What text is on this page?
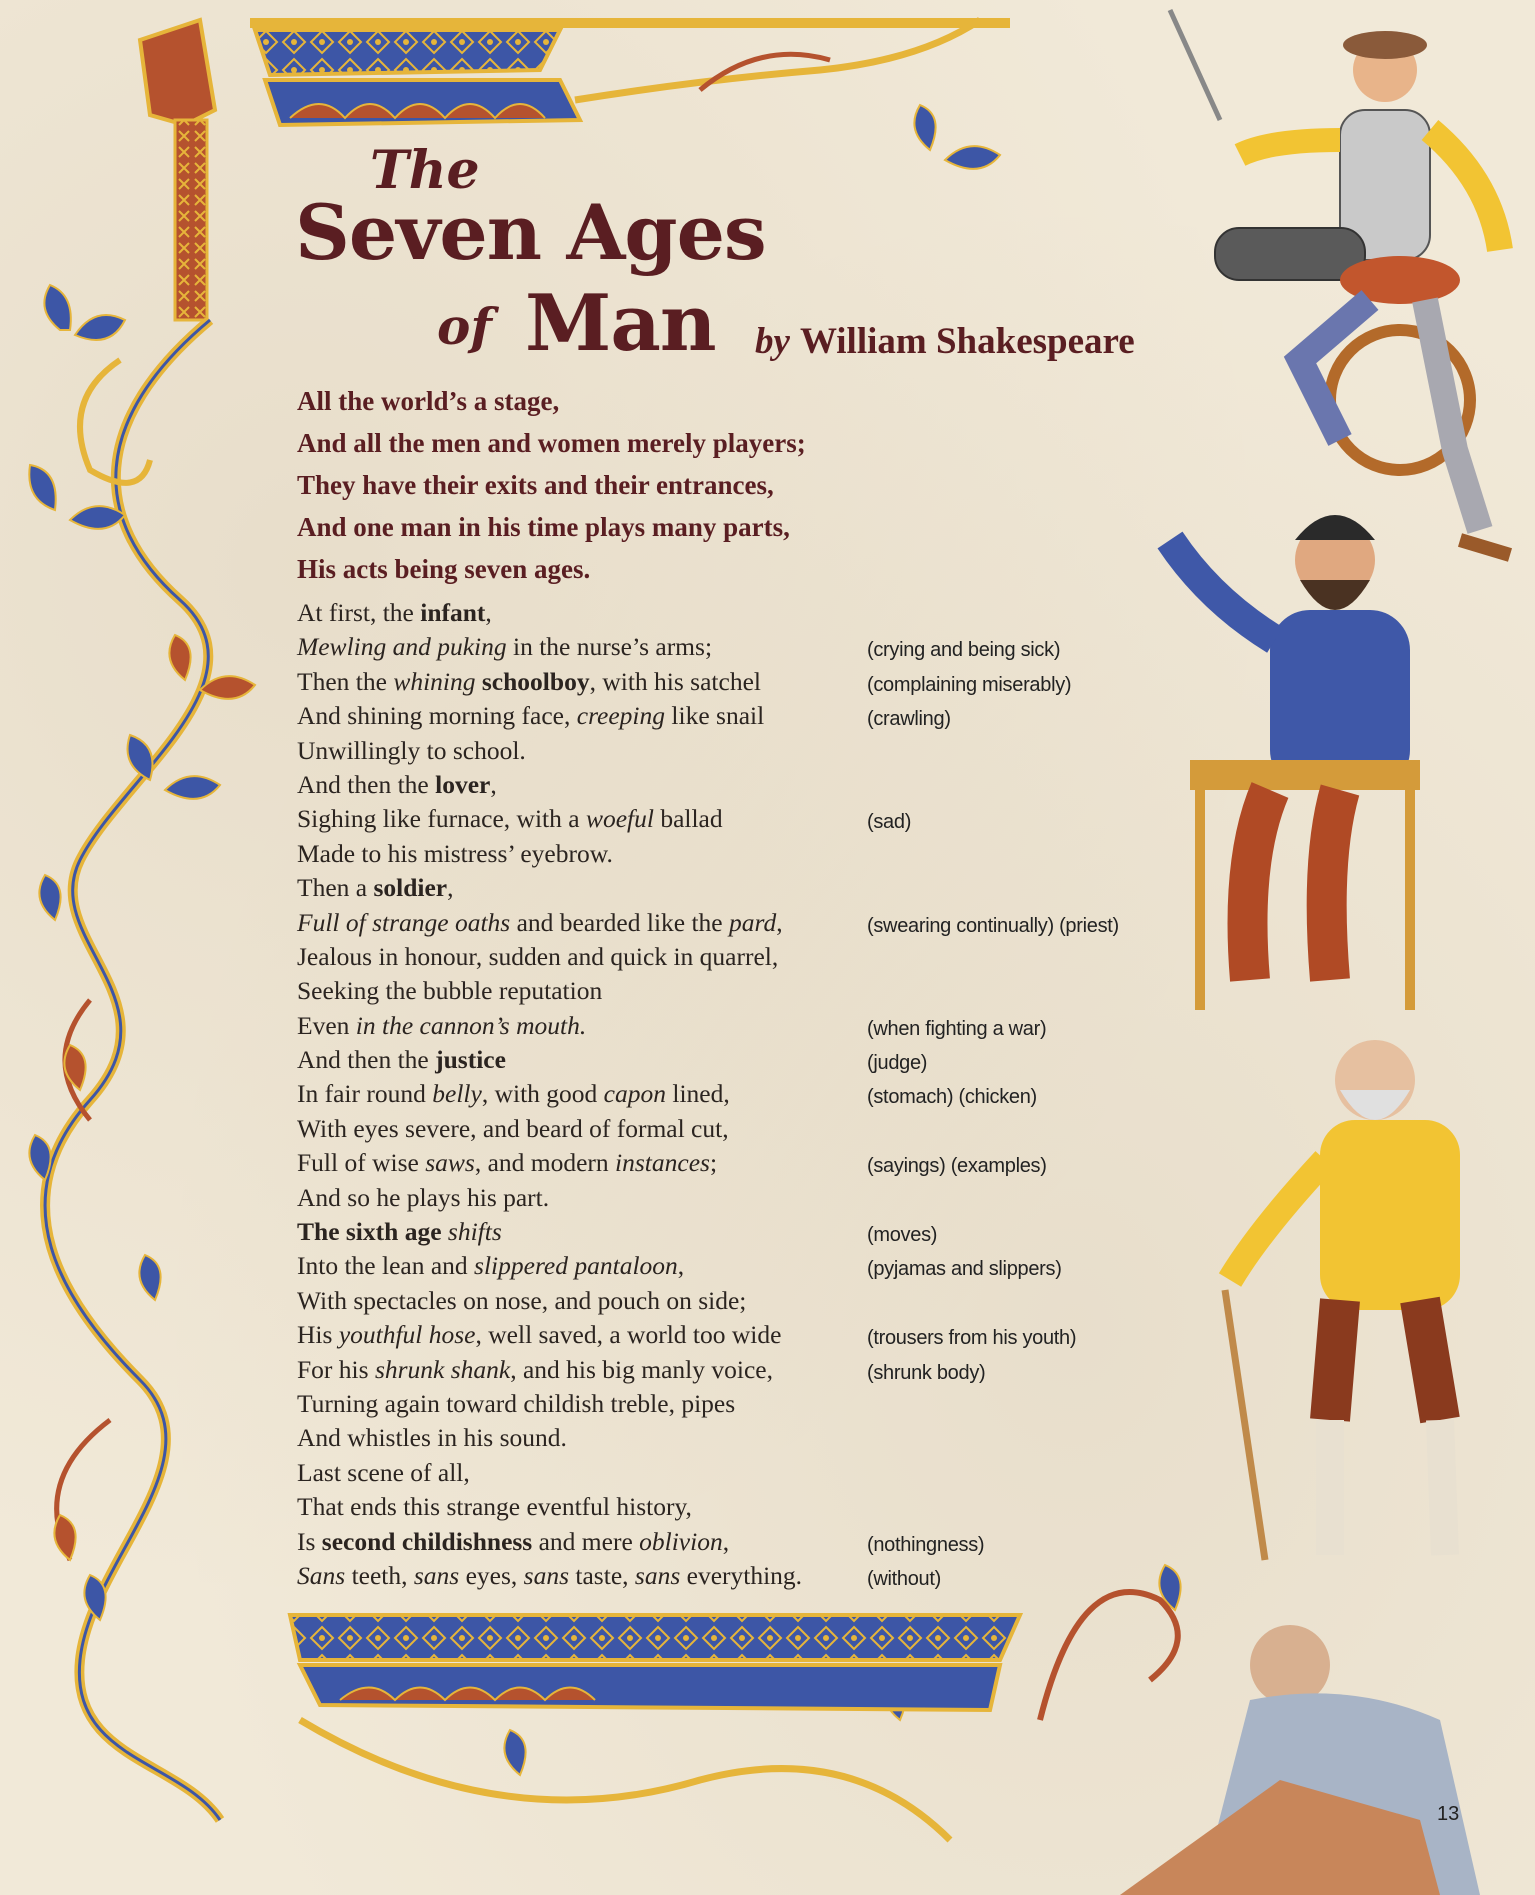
The
Seven Ages
of Man by William Shakespeare
All the world’s a stage,
And all the men and women merely players;
They have their exits and their entrances,
And one man in his time plays many parts,
His acts being seven ages.
At first, the infant,
Mewling and puking in the nurse’s arms;	(crying and being sick)
Then the whining schoolboy, with his satchel	(complaining miserably)
And shining morning face, creeping like snail	(crawling)
Unwillingly to school.
And then the lover,
Sighing like furnace, with a woeful ballad	(sad)
Made to his mistress’ eyebrow.
Then a soldier,
Full of strange oaths and bearded like the pard,	(swearing continually) (priest)
Jealous in honour, sudden and quick in quarrel,
Seeking the bubble reputation
Even in the cannon’s mouth.	(when fighting a war)
And then the justice	(judge)
In fair round belly, with good capon lined,	(stomach) (chicken)
With eyes severe, and beard of formal cut,
Full of wise saws, and modern instances;	(sayings) (examples)
And so he plays his part.
The sixth age shifts	(moves)
Into the lean and slippered pantaloon,	(pyjamas and slippers)
With spectacles on nose, and pouch on side;
His youthful hose, well saved, a world too wide	(trousers from his youth)
For his shrunk shank, and his big manly voice,	(shrunk body)
Turning again toward childish treble, pipes
And whistles in his sound.
Last scene of all,
That ends this strange eventful history,
Is second childishness and mere oblivion,	(nothingness)
Sans teeth, sans eyes, sans taste, sans everything.	(without)
13
